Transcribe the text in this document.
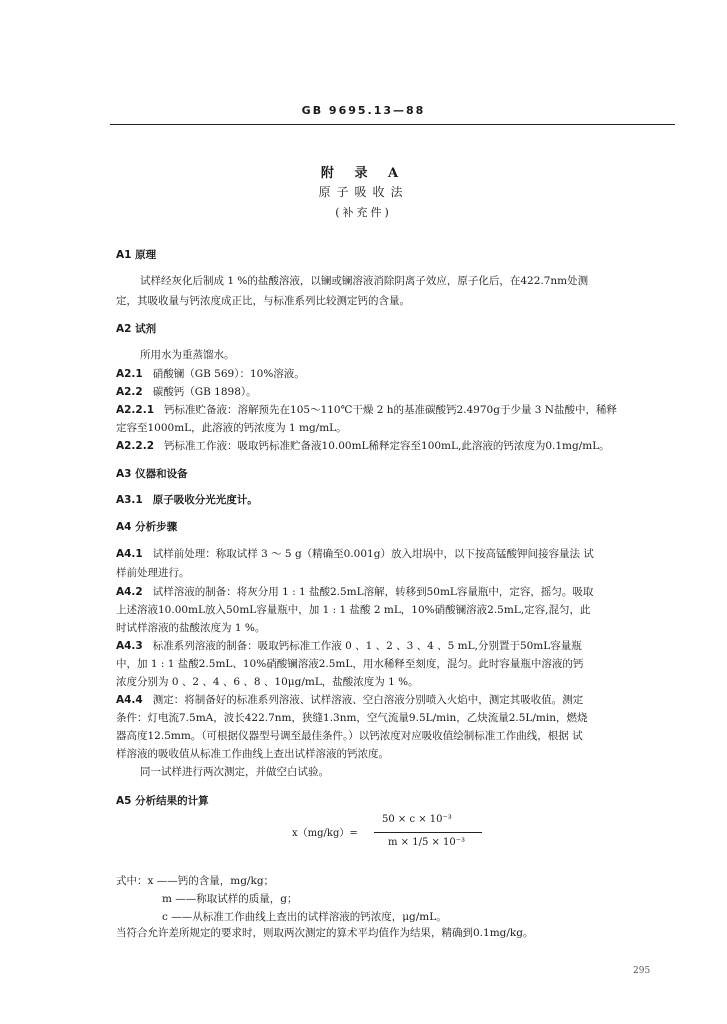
GB 9695.13—88
附 录 A
原子吸收法
(补充件)
A1 原理
试样经灰化后制成 1 %的盐酸溶液，以镧或镧溶液消除阴离子效应，原子化后，在422.7nm处测
定，其吸收量与钙浓度成正比，与标准系列比较测定钙的含量。
A2 试剂
所用水为重蒸馏水。
A2.1 硝酸镧（GB 569）：10%溶液。
A2.2 碳酸钙（GB 1898）。
A2.2.1 钙标准贮备液：溶解预先在105～110℃干燥 2 h的基准碳酸钙2.4970g于少量 3 N盐酸中，稀释
定容至1000mL，此溶液的钙浓度为 1 mg/mL。
A2.2.2 钙标准工作液：吸取钙标准贮备液10.00mL稀释定容至100mL,此溶液的钙浓度为0.1mg/mL。
A3 仪器和设备
A3.1 原子吸收分光光度计。
A4 分析步骤
A4.1 试样前处理：称取试样 3 ～ 5 g（精确至0.001g）放入坩埚中，以下按高锰酸钾间接容量法 试
样前处理进行。
A4.2 试样溶液的制备：将灰分用 1 : 1 盐酸2.5mL溶解，转移到50mL容量瓶中，定容，摇匀。吸取
上述溶液10.00mL放入50mL容量瓶中，加 1 : 1 盐酸 2 mL，10%硝酸镧溶液2.5mL,定容,混匀，此
时试样溶液的盐酸浓度为 1 %。
A4.3 标准系列溶液的制备：吸取钙标准工作液 0 、1 、2 、3 、4 、5 mL,分别置于50mL容量瓶
中，加 1 : 1 盐酸2.5mL、10%硝酸镧溶液2.5mL，用水稀释至刻度，混匀。此时容量瓶中溶液的钙
浓度分别为 0 、2 、4 、6 、8 、10μg/mL，盐酸浓度为 1 %。
A4.4 测定：将制备好的标准系列溶液、试样溶液、空白溶液分别喷入火焰中，测定其吸收值。测定
条件：灯电流7.5mA，波长422.7nm，狭缝1.3nm，空气流量9.5L/min，乙炔流量2.5L/min，燃烧
器高度12.5mm。（可根据仪器型号调至最佳条件。）以钙浓度对应吸收值绘制标准工作曲线，根据 试
样溶液的吸收值从标准工作曲线上查出试样溶液的钙浓度。
同一试样进行两次测定，并做空白试验。
A5 分析结果的计算
x（mg/kg）=
50 × c × 10⁻³
m × 1/5 × 10⁻³
式中：x ——钙的含量，mg/kg；
m ——称取试样的质量，g；
c ——从标准工作曲线上查出的试样溶液的钙浓度，μg/mL。
当符合允许差所规定的要求时，则取两次测定的算术平均值作为结果，精确到0.1mg/kg。
295
